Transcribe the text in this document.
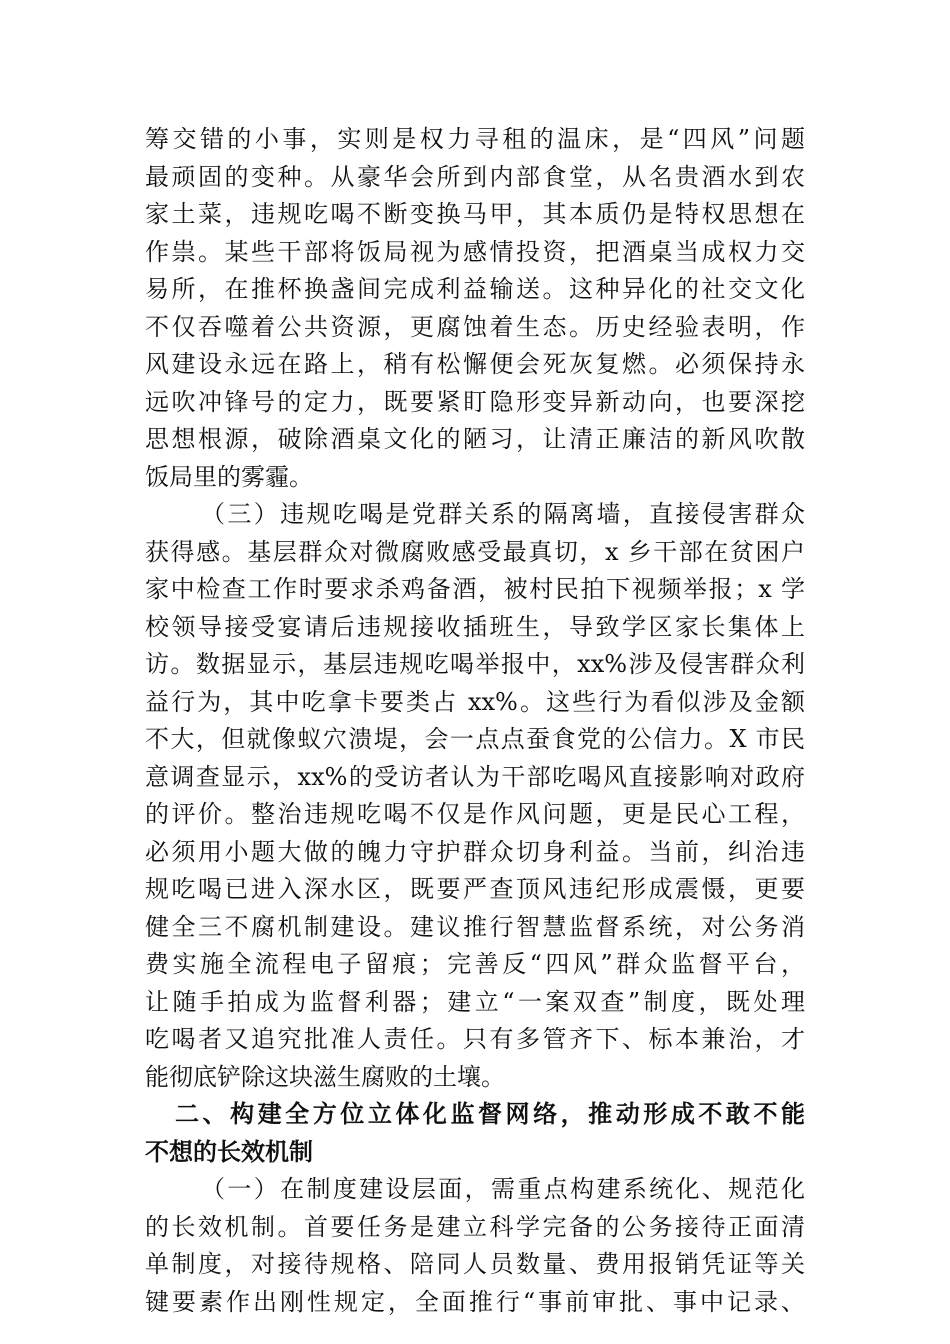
筹交错的小事，实则是权力寻租的温床，是“四风”问题
最顽固的变种。从豪华会所到内部食堂，从名贵酒水到农
家土菜，违规吃喝不断变换马甲，其本质仍是特权思想在
作祟。某些干部将饭局视为感情投资，把酒桌当成权力交
易所，在推杯换盏间完成利益输送。这种异化的社交文化
不仅吞噬着公共资源，更腐蚀着生态。历史经验表明，作
风建设永远在路上，稍有松懈便会死灰复燃。必须保持永
远吹冲锋号的定力，既要紧盯隐形变异新动向，也要深挖
思想根源，破除酒桌文化的陋习，让清正廉洁的新风吹散
饭局里的雾霾。
（三）违规吃喝是党群关系的隔离墙，直接侵害群众
获得感。基层群众对微腐败感受最真切，x 乡干部在贫困户
家中检查工作时要求杀鸡备酒，被村民拍下视频举报；x 学
校领导接受宴请后违规接收插班生，导致学区家长集体上
访。数据显示，基层违规吃喝举报中，xx%涉及侵害群众利
益行为，其中吃拿卡要类占 xx%。这些行为看似涉及金额
不大，但就像蚁穴溃堤，会一点点蚕食党的公信力。X 市民
意调查显示，xx%的受访者认为干部吃喝风直接影响对政府
的评价。整治违规吃喝不仅是作风问题，更是民心工程，
必须用小题大做的魄力守护群众切身利益。当前，纠治违
规吃喝已进入深水区，既要严查顶风违纪形成震慑，更要
健全三不腐机制建设。建议推行智慧监督系统，对公务消
费实施全流程电子留痕；完善反“四风”群众监督平台，
让随手拍成为监督利器；建立“一案双查”制度，既处理
吃喝者又追究批准人责任。只有多管齐下、标本兼治，才
能彻底铲除这块滋生腐败的土壤。
二、构建全方位立体化监督网络，推动形成不敢不能
不想的长效机制
（一）在制度建设层面，需重点构建系统化、规范化
的长效机制。首要任务是建立科学完备的公务接待正面清
单制度，对接待规格、陪同人员数量、费用报销凭证等关
键要素作出刚性规定，全面推行“事前审批、事中记录、
